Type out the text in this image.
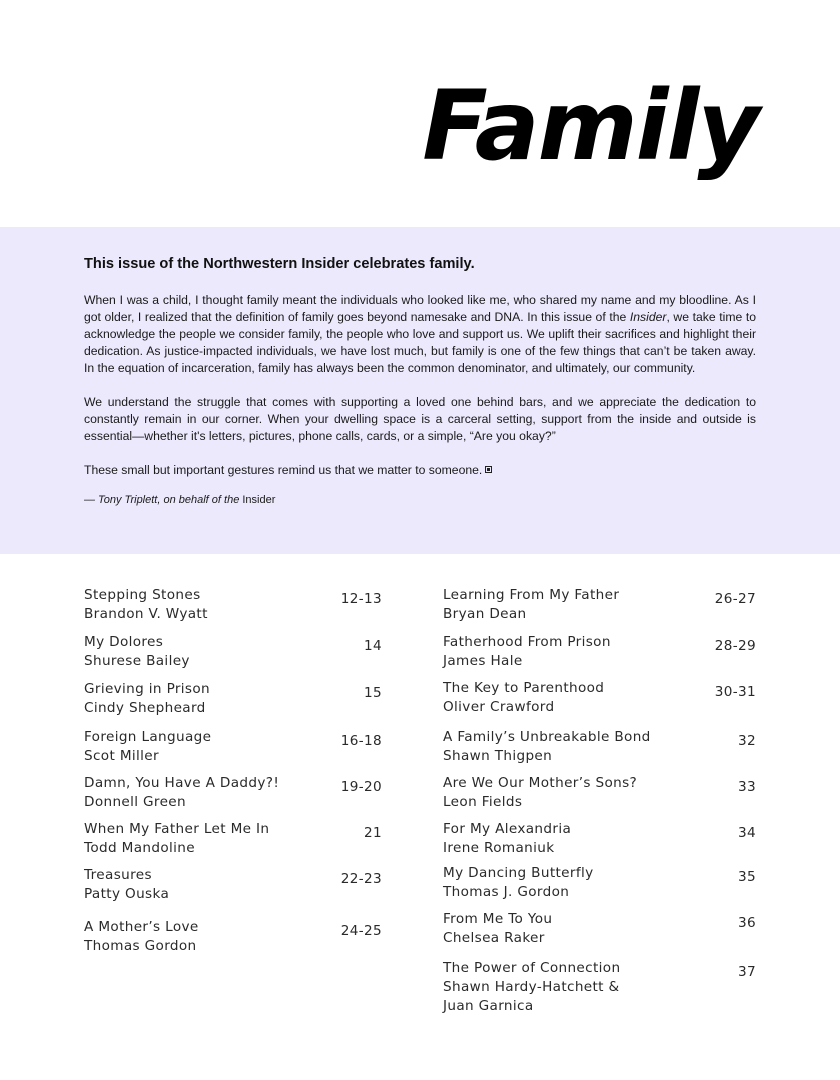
Family
This issue of the Northwestern Insider celebrates family.

When I was a child, I thought family meant the individuals who looked like me, who shared my name and my bloodline. As I got older, I realized that the definition of family goes beyond namesake and DNA. In this issue of the Insider, we take time to acknowledge the people we consider family, the people who love and support us. We uplift their sacrifices and highlight their dedication. As justice-impacted individuals, we have lost much, but family is one of the few things that can’t be taken away. In the equation of incarceration, family has always been the common denominator, and ultimately, our community.

We understand the struggle that comes with supporting a loved one behind bars, and we appreciate the dedication to constantly remain in our corner. When your dwelling space is a carceral setting, support from the inside and outside is essential—whether it's letters, pictures, phone calls, cards, or a simple, “Are you okay?”

These small but important gestures remind us that we matter to someone.

— Tony Triplett, on behalf of the Insider

Stepping Stones
Brandon V. Wyatt
12-13
My Dolores
Shurese Bailey
14
Grieving in Prison
Cindy Shepheard
15
Foreign Language
Scot Miller
16-18
Damn, You Have A Daddy?!
Donnell Green
19-20
When My Father Let Me In
Todd Mandoline
21
Treasures
Patty Ouska
22-23
A Mother’s Love
Thomas Gordon
24-25
Learning From My Father
Bryan Dean
26-27
Fatherhood From Prison
James Hale
28-29
The Key to Parenthood
Oliver Crawford
30-31
A Family’s Unbreakable Bond
Shawn Thigpen
32
Are We Our Mother’s Sons?
Leon Fields
33
For My Alexandria
Irene Romaniuk
34
My Dancing Butterfly
Thomas J. Gordon
35
From Me To You
Chelsea Raker
36
The Power of Connection
Shawn Hardy-Hatchett &
Juan Garnica
37
